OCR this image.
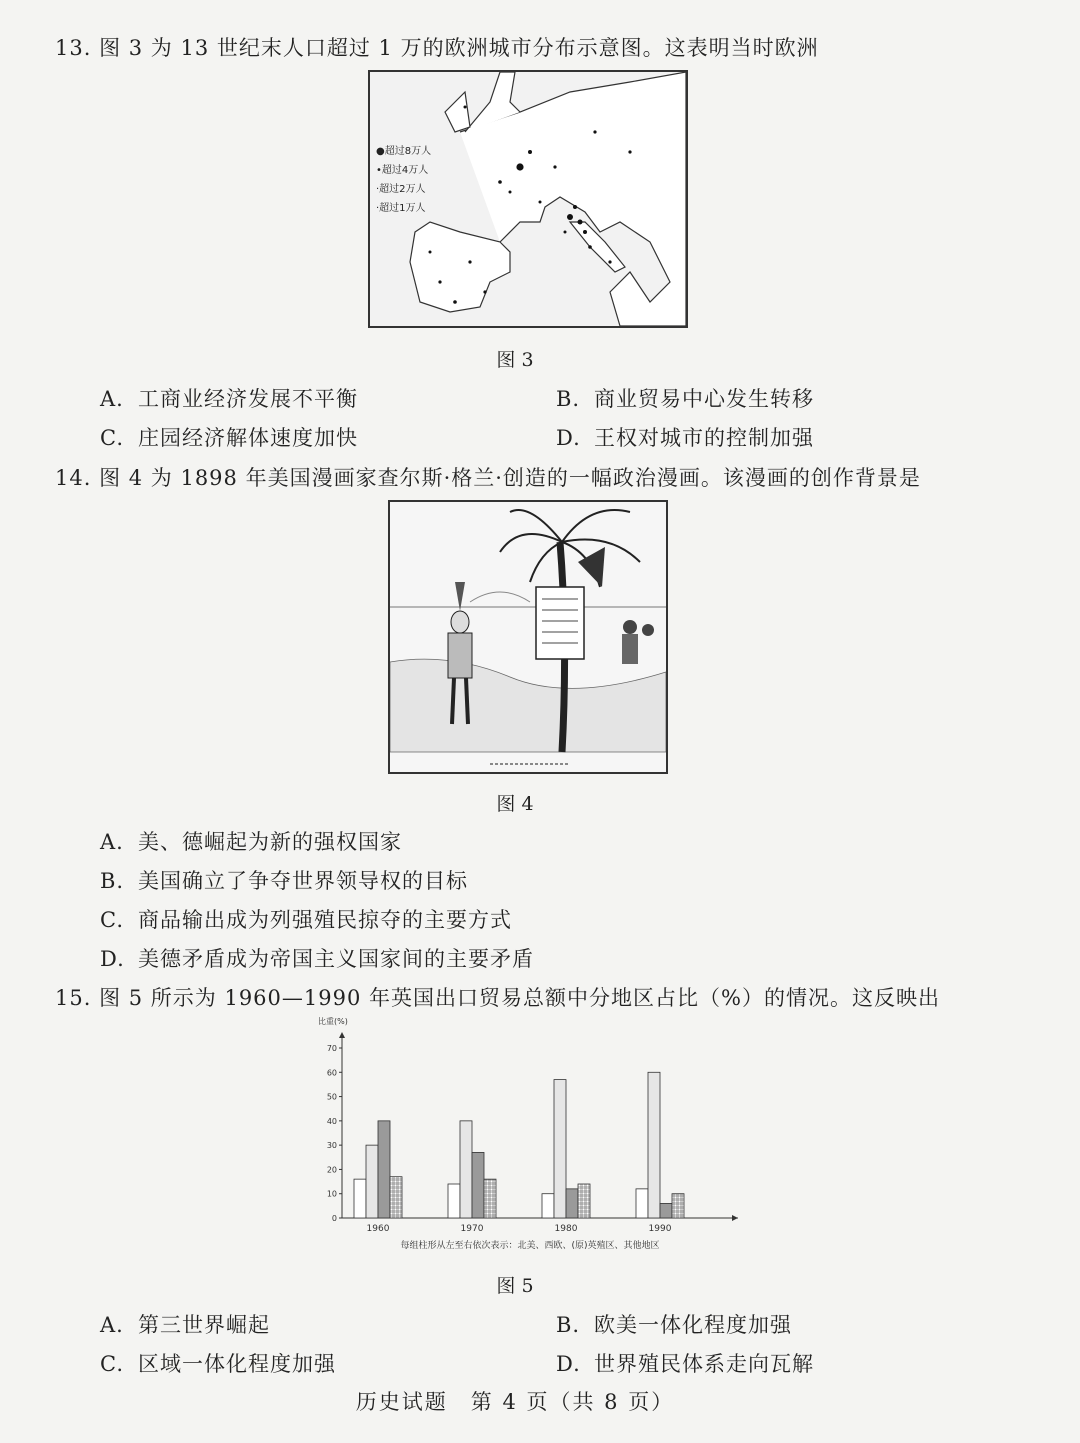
13. 图 3 为 13 世纪末人口超过 1 万的欧洲城市分布示意图。这表明当时欧洲
●超过8万人
•超过4万人
·超过2万人
·超过1万人
图 3
A. 工商业经济发展不平衡	B. 商业贸易中心发生转移
C. 庄园经济解体速度加快	D. 王权对城市的控制加强
14. 图 4 为 1898 年美国漫画家查尔斯·格兰·创造的一幅政治漫画。该漫画的创作背景是
图 4
A. 美、德崛起为新的强权国家
B. 美国确立了争夺世界领导权的目标
C. 商品输出成为列强殖民掠夺的主要方式
D. 美德矛盾成为帝国主义国家间的主要矛盾
15. 图 5 所示为 1960—1990 年英国出口贸易总额中分地区占比（%）的情况。这反映出
比重(%)
0
10
20
30
40
50
60
70
1960	1970	1980	1990
每组柱形从左至右依次表示：北美、西欧、(原)英殖区、其他地区
图 5
A. 第三世界崛起	B. 欧美一体化程度加强
C. 区域一体化程度加强	D. 世界殖民体系走向瓦解
历史试题　第 4 页（共 8 页）
